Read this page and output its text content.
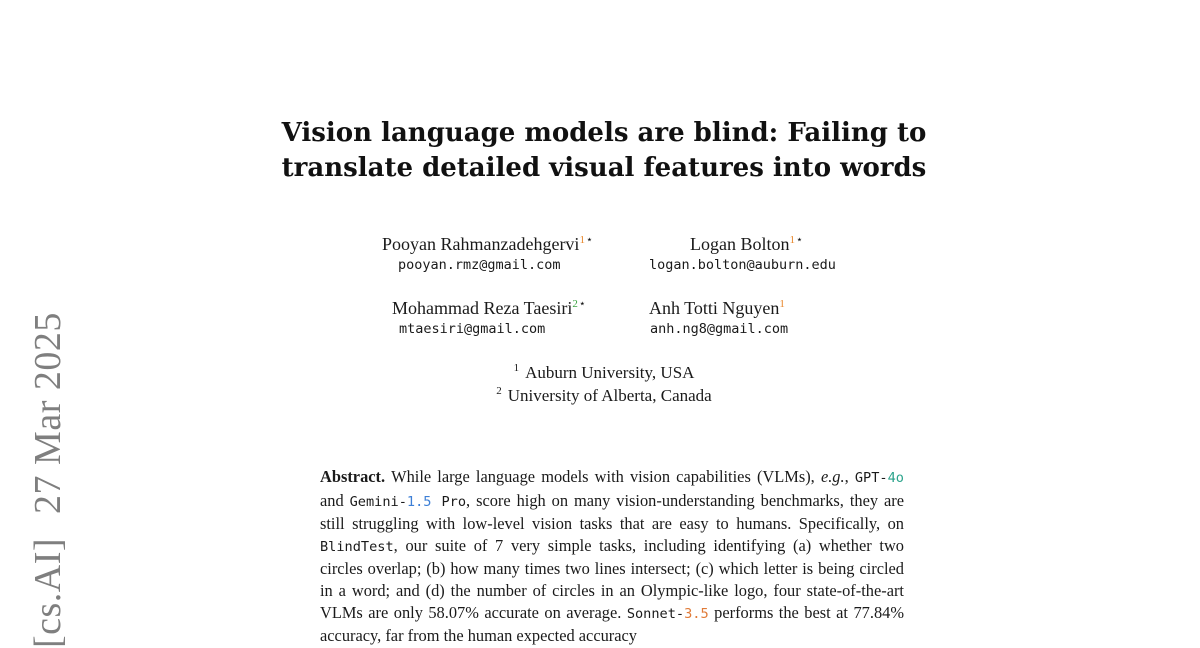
[cs.AI]27 Mar 2025
Vision language models are blind: Failing to
translate detailed visual features into words
Pooyan Rahmanzadehgervi$^{1⋆}$
pooyan.rmz@gmail.com
Logan Bolton$^{1⋆}$
logan.bolton@auburn.edu
Mohammad Reza Taesiri$^{2⋆}$
mtaesiri@gmail.com
Anh Totti Nguyen$^1$
anh.ng8@gmail.com
$^1$ Auburn University, USA
$^2$ University of Alberta, Canada

Abstract. While large language models with vision capabilities (VLMs), e.g., GPT-4o and Gemini-1.5 Pro, score high on many vision-understanding benchmarks, they are still struggling with low-level vision tasks that are easy to humans. Specifically, on BlindTest, our suite of 7 very simple tasks, including identifying (a) whether two circles overlap; (b) how many times two lines intersect; (c) which letter is being circled in a word; and (d) the number of circles in an Olympic-like logo, four state-of-the-art VLMs are only 58.07% accurate on average. Sonnet-3.5 performs the best at 77.84% accuracy, far from the human expected accuracy
